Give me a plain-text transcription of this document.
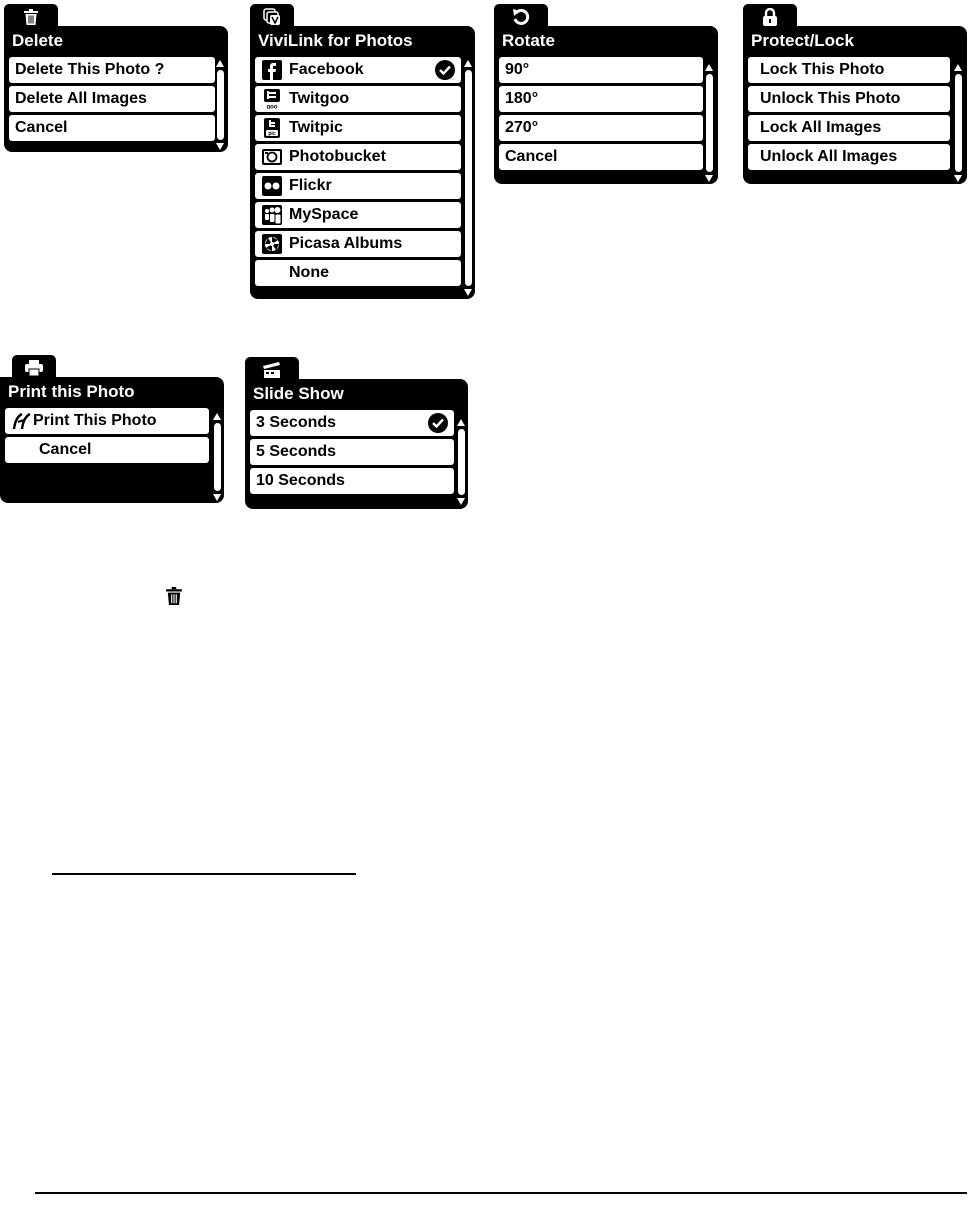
Delete
Delete This Photo ?
Delete All Images
Cancel
ViviLink for Photos
Facebook
goo
Twitgoo
pic Twitpic
Photobucket
Flickr
MySpace
Picasa Albums
None
Rotate
90°
180°
270°
Cancel
Protect/Lock
Lock This Photo
Unlock This Photo
Lock All Images
Unlock All Images
Print this Photo
Print This Photo
Cancel
Slide Show
3 Seconds
5 Seconds
10 Seconds
